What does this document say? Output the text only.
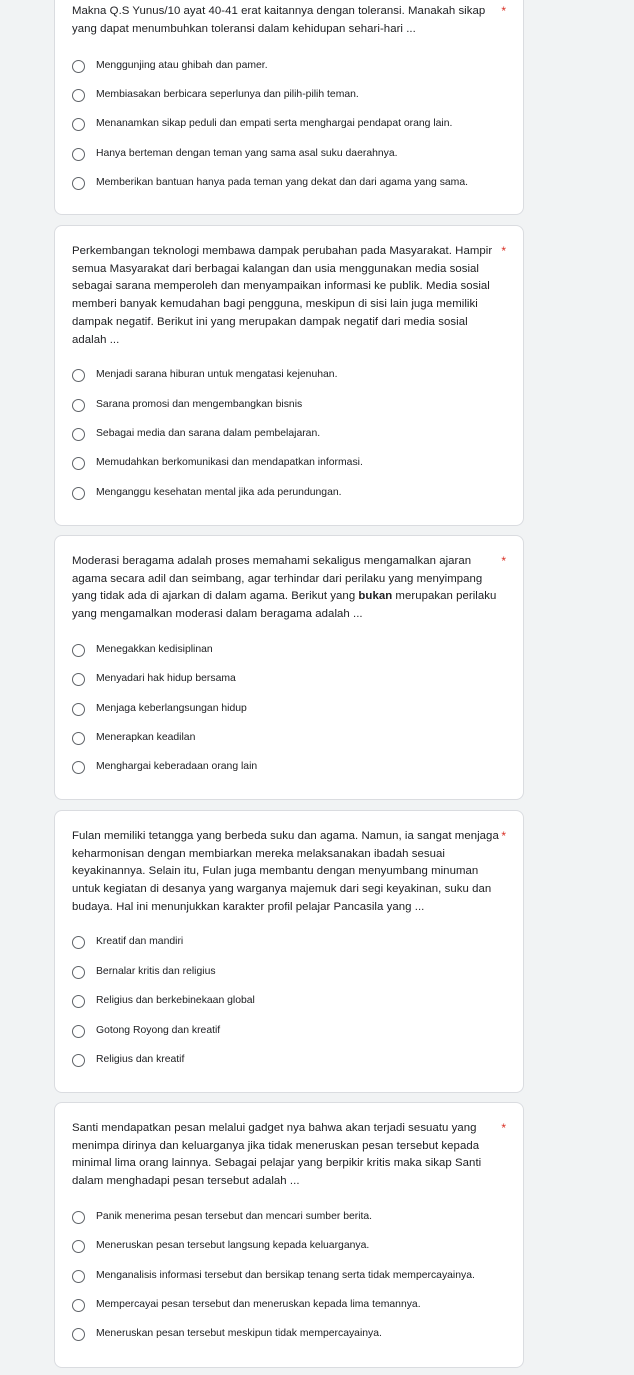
Makna Q.S Yunus/10 ayat 40-41 erat kaitannya dengan toleransi. Manakah sikap yang dapat menumbuhkan toleransi dalam kehidupan sehari-hari ...

*
Menggunjing atau ghibah dan pamer.
Membiasakan berbicara seperlunya dan pilih-pilih teman.
Menanamkan sikap peduli dan empati serta menghargai pendapat orang lain.
Hanya berteman dengan teman yang sama asal suku daerahnya.
Memberikan bantuan hanya pada teman yang dekat dan dari agama yang sama.

Perkembangan teknologi membawa dampak perubahan pada Masyarakat. Hampir semua Masyarakat dari berbagai kalangan dan usia menggunakan media sosial sebagai sarana memperoleh dan menyampaikan informasi ke publik. Media sosial memberi banyak kemudahan bagi pengguna, meskipun di sisi lain juga memiliki dampak negatif. Berikut ini yang merupakan dampak negatif dari media sosial adalah ...

*
Menjadi sarana hiburan untuk mengatasi kejenuhan.
Sarana promosi dan mengembangkan bisnis
Sebagai media dan sarana dalam pembelajaran.
Memudahkan berkomunikasi dan mendapatkan informasi.
Menganggu kesehatan mental jika ada perundungan.

Moderasi beragama adalah proses memahami sekaligus mengamalkan ajaran agama secara adil dan seimbang, agar terhindar dari perilaku yang menyimpang yang tidak ada di ajarkan di dalam agama. Berikut yang bukan merupakan perilaku yang mengamalkan moderasi dalam beragama adalah ...

*
Menegakkan kedisiplinan
Menyadari hak hidup bersama
Menjaga keberlangsungan hidup
Menerapkan keadilan
Menghargai keberadaan orang lain

Fulan memiliki tetangga yang berbeda suku dan agama. Namun, ia sangat menjaga keharmonisan dengan membiarkan mereka melaksanakan ibadah sesuai keyakinannya. Selain itu, Fulan juga membantu dengan menyumbang minuman untuk kegiatan di desanya yang warganya majemuk dari segi keyakinan, suku dan budaya. Hal ini menunjukkan karakter profil pelajar Pancasila yang ...

*
Kreatif dan mandiri
Bernalar kritis dan religius
Religius dan berkebinekaan global
Gotong Royong dan kreatif
Religius dan kreatif

Santi mendapatkan pesan melalui gadget nya bahwa akan terjadi sesuatu yang menimpa dirinya dan keluarganya jika tidak meneruskan pesan tersebut kepada minimal lima orang lainnya. Sebagai pelajar yang berpikir kritis maka sikap Santi dalam menghadapi pesan tersebut adalah ...

*
Panik menerima pesan tersebut dan mencari sumber berita.
Meneruskan pesan tersebut langsung kepada keluarganya.
Menganalisis informasi tersebut dan bersikap tenang serta tidak mempercayainya.
Mempercayai pesan tersebut dan meneruskan kepada lima temannya.
Meneruskan pesan tersebut meskipun tidak mempercayainya.
